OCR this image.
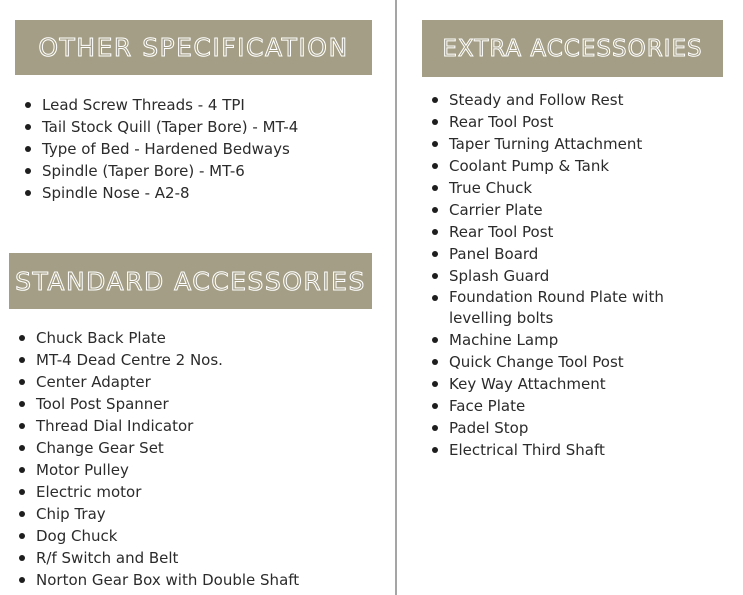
OTHER SPECIFICATION
Lead Screw Threads - 4 TPI
Tail Stock Quill (Taper Bore) - MT-4
Type of Bed - Hardened Bedways
Spindle (Taper Bore) - MT-6
Spindle Nose - A2-8
STANDARD ACCESSORIES
Chuck Back Plate
MT-4 Dead Centre 2 Nos.
Center Adapter
Tool Post Spanner
Thread Dial Indicator
Change Gear Set
Motor Pulley
Electric motor
Chip Tray
Dog Chuck
R/f Switch and Belt
Norton Gear Box with Double Shaft
EXTRA ACCESSORIES
Steady and Follow Rest
Rear Tool Post
Taper Turning Attachment
Coolant Pump & Tank
True Chuck
Carrier Plate
Rear Tool Post
Panel Board
Splash Guard
Foundation Round Plate with levelling bolts
Machine Lamp
Quick Change Tool Post
Key Way Attachment
Face Plate
Padel Stop
Electrical Third Shaft
